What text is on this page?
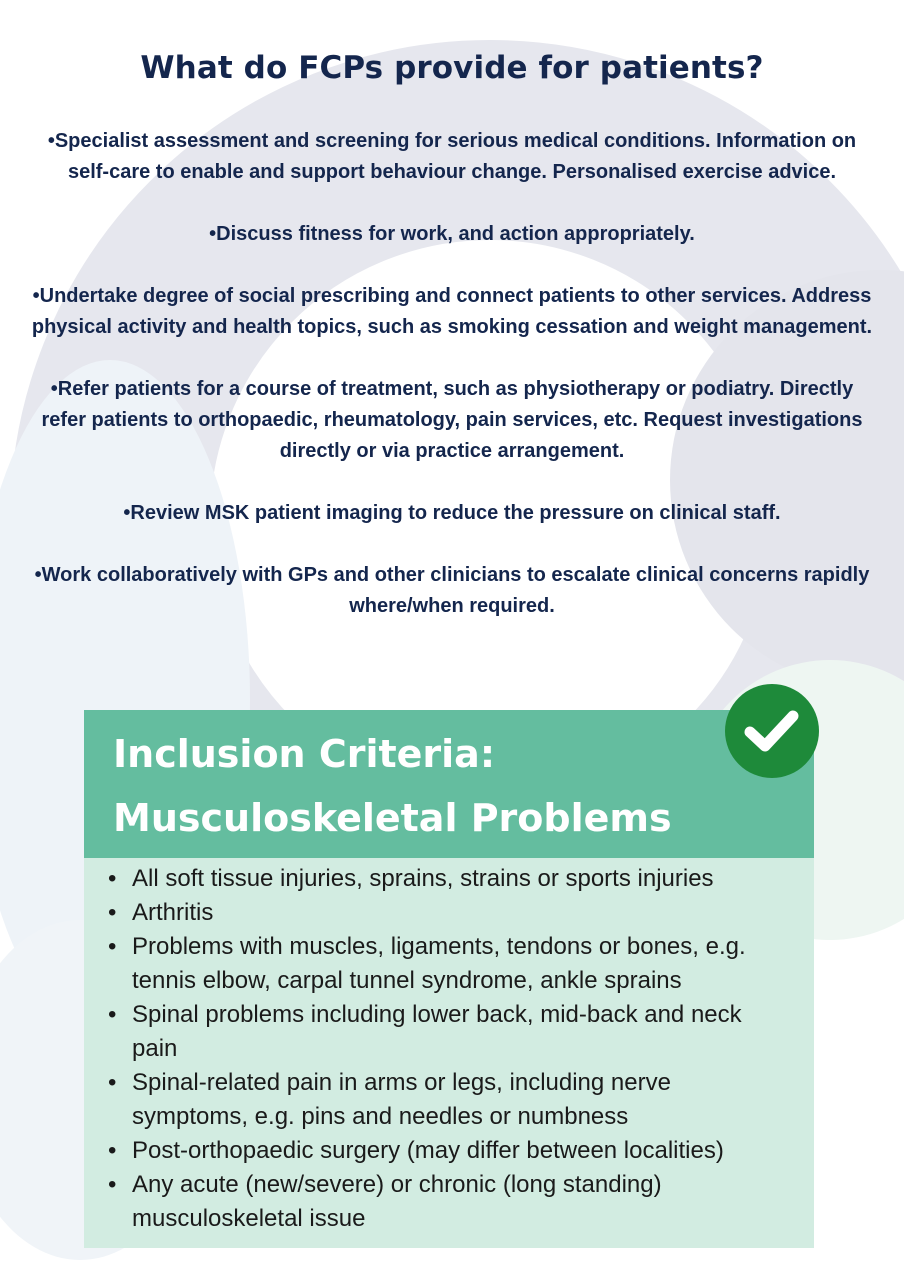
What do FCPs provide for patients?

•Specialist assessment and screening for serious medical conditions. Information on self-care to enable and support behaviour change. Personalised exercise advice.

•Discuss fitness for work, and action appropriately.

•Undertake degree of social prescribing and connect patients to other services. Address physical activity and health topics, such as smoking cessation and weight management.

•Refer patients for a course of treatment, such as physiotherapy or podiatry. Directly refer patients to orthopaedic, rheumatology, pain services, etc. Request investigations directly or via practice arrangement.

•Review MSK patient imaging to reduce the pressure on clinical staff.

•Work collaboratively with GPs and other clinicians to escalate clinical concerns rapidly where/when required.

Inclusion Criteria:
Musculoskeletal Problems
• All soft tissue injuries, sprains, strains or sports injuries
• Arthritis
• Problems with muscles, ligaments, tendons or bones, e.g. tennis elbow, carpal tunnel syndrome, ankle sprains
• Spinal problems including lower back, mid-back and neck pain
• Spinal-related pain in arms or legs, including nerve symptoms, e.g. pins and needles or numbness
• Post-orthopaedic surgery (may differ between localities)
• Any acute (new/severe) or chronic (long standing) musculoskeletal issue
